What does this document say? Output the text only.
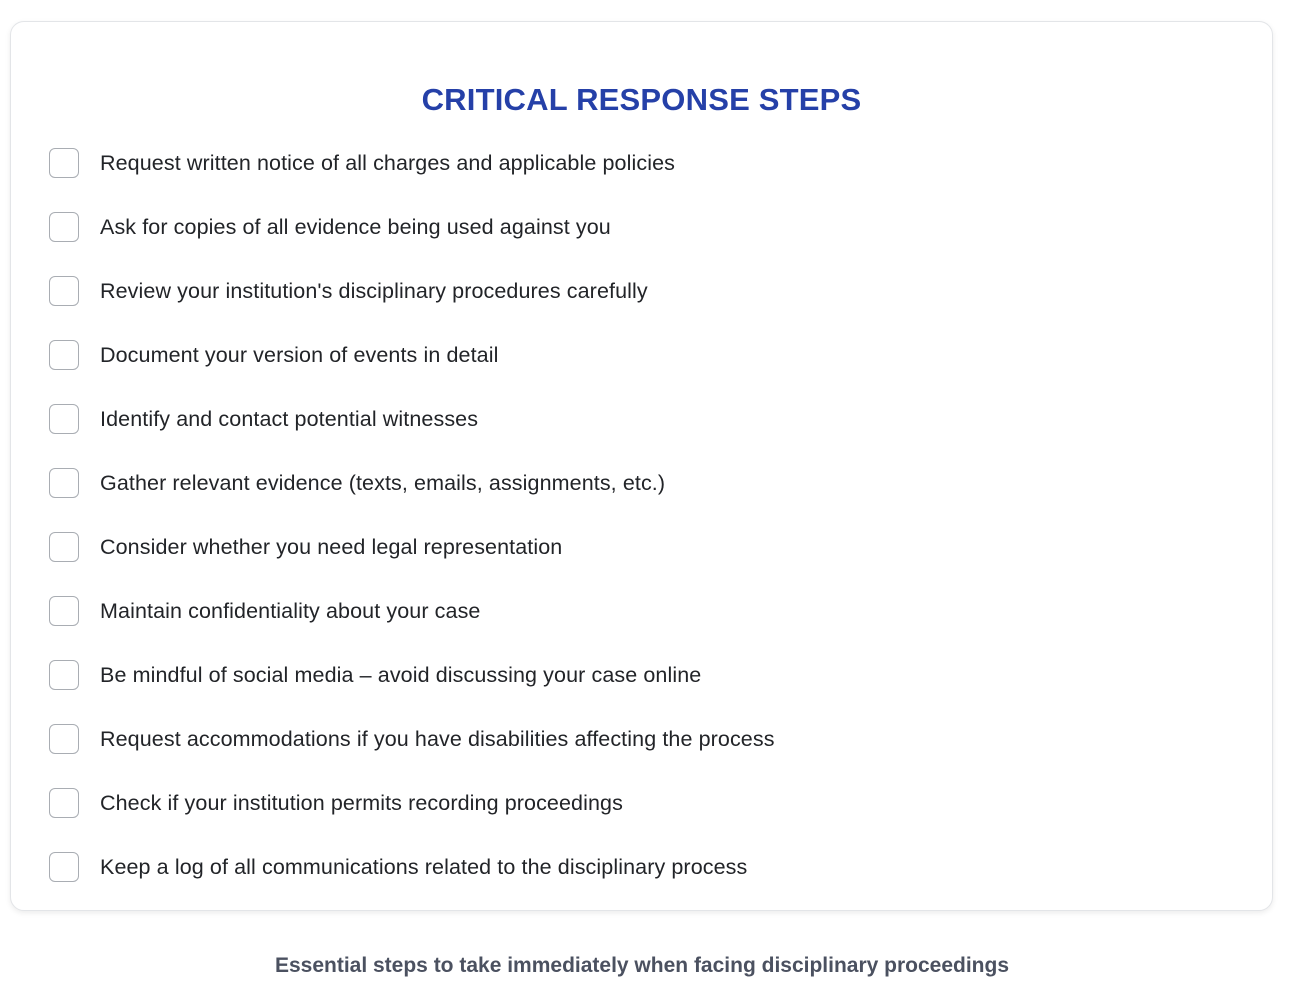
CRITICAL RESPONSE STEPS
Request written notice of all charges and applicable policies
Ask for copies of all evidence being used against you
Review your institution's disciplinary procedures carefully
Document your version of events in detail
Identify and contact potential witnesses
Gather relevant evidence (texts, emails, assignments, etc.)
Consider whether you need legal representation
Maintain confidentiality about your case
Be mindful of social media – avoid discussing your case online
Request accommodations if you have disabilities affecting the process
Check if your institution permits recording proceedings
Keep a log of all communications related to the disciplinary process

Essential steps to take immediately when facing disciplinary proceedings
